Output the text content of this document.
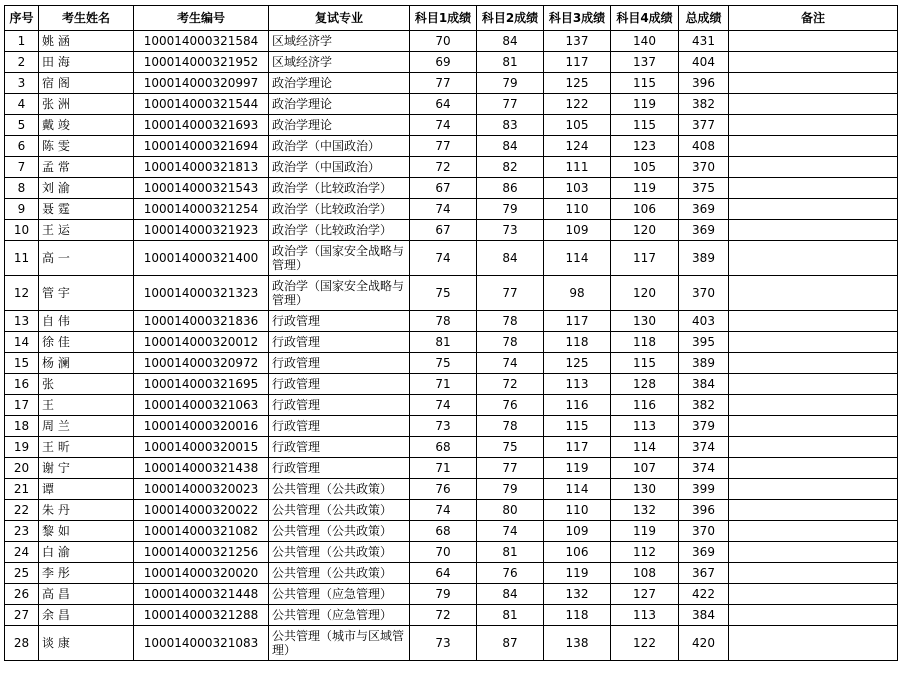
序号	考生姓名	考生编号	复试专业	科目1成绩	科目2成绩	科目3成绩	科目4成绩	总成绩	备注
1	姚 涵	100014000321584	区域经济学	70	84	137	140	431	
2	田 海	100014000321952	区域经济学	69	81	117	137	404	
3	宿 阁	100014000320997	政治学理论	77	79	125	115	396	
4	张 洲	100014000321544	政治学理论	64	77	122	119	382	
5	戴 竣	100014000321693	政治学理论	74	83	105	115	377	
6	陈 雯	100014000321694	政治学（中国政治）	77	84	124	123	408	
7	孟 常	100014000321813	政治学（中国政治）	72	82	111	105	370	
8	刘 渝	100014000321543	政治学（比较政治学）	67	86	103	119	375	
9	聂 霆	100014000321254	政治学（比较政治学）	74	79	110	106	369	
10	王 运	100014000321923	政治学（比较政治学）	67	73	109	120	369	
11	高 一	100014000321400	政治学（国家安全战略与管理）	74	84	114	117	389	
12	管 宇	100014000321323	政治学（国家安全战略与管理）	75	77	98	120	370	
13	自 伟	100014000321836	行政管理	78	78	117	130	403	
14	徐 佳	100014000320012	行政管理	81	78	118	118	395	
15	杨 澜	100014000320972	行政管理	75	74	125	115	389	
16	张	100014000321695	行政管理	71	72	113	128	384	
17	王	100014000321063	行政管理	74	76	116	116	382	
18	周 兰	100014000320016	行政管理	73	78	115	113	379	
19	王 昕	100014000320015	行政管理	68	75	117	114	374	
20	谢 宁	100014000321438	行政管理	71	77	119	107	374	
21	谭	100014000320023	公共管理（公共政策）	76	79	114	130	399	
22	朱 丹	100014000320022	公共管理（公共政策）	74	80	110	132	396	
23	黎 如	100014000321082	公共管理（公共政策）	68	74	109	119	370	
24	白 渝	100014000321256	公共管理（公共政策）	70	81	106	112	369	
25	李 彤	100014000320020	公共管理（公共政策）	64	76	119	108	367	
26	高 昌	100014000321448	公共管理（应急管理）	79	84	132	127	422	
27	余 昌	100014000321288	公共管理（应急管理）	72	81	118	113	384	
28	谈 康	100014000321083	公共管理（城市与区域管理）	73	87	138	122	420	
